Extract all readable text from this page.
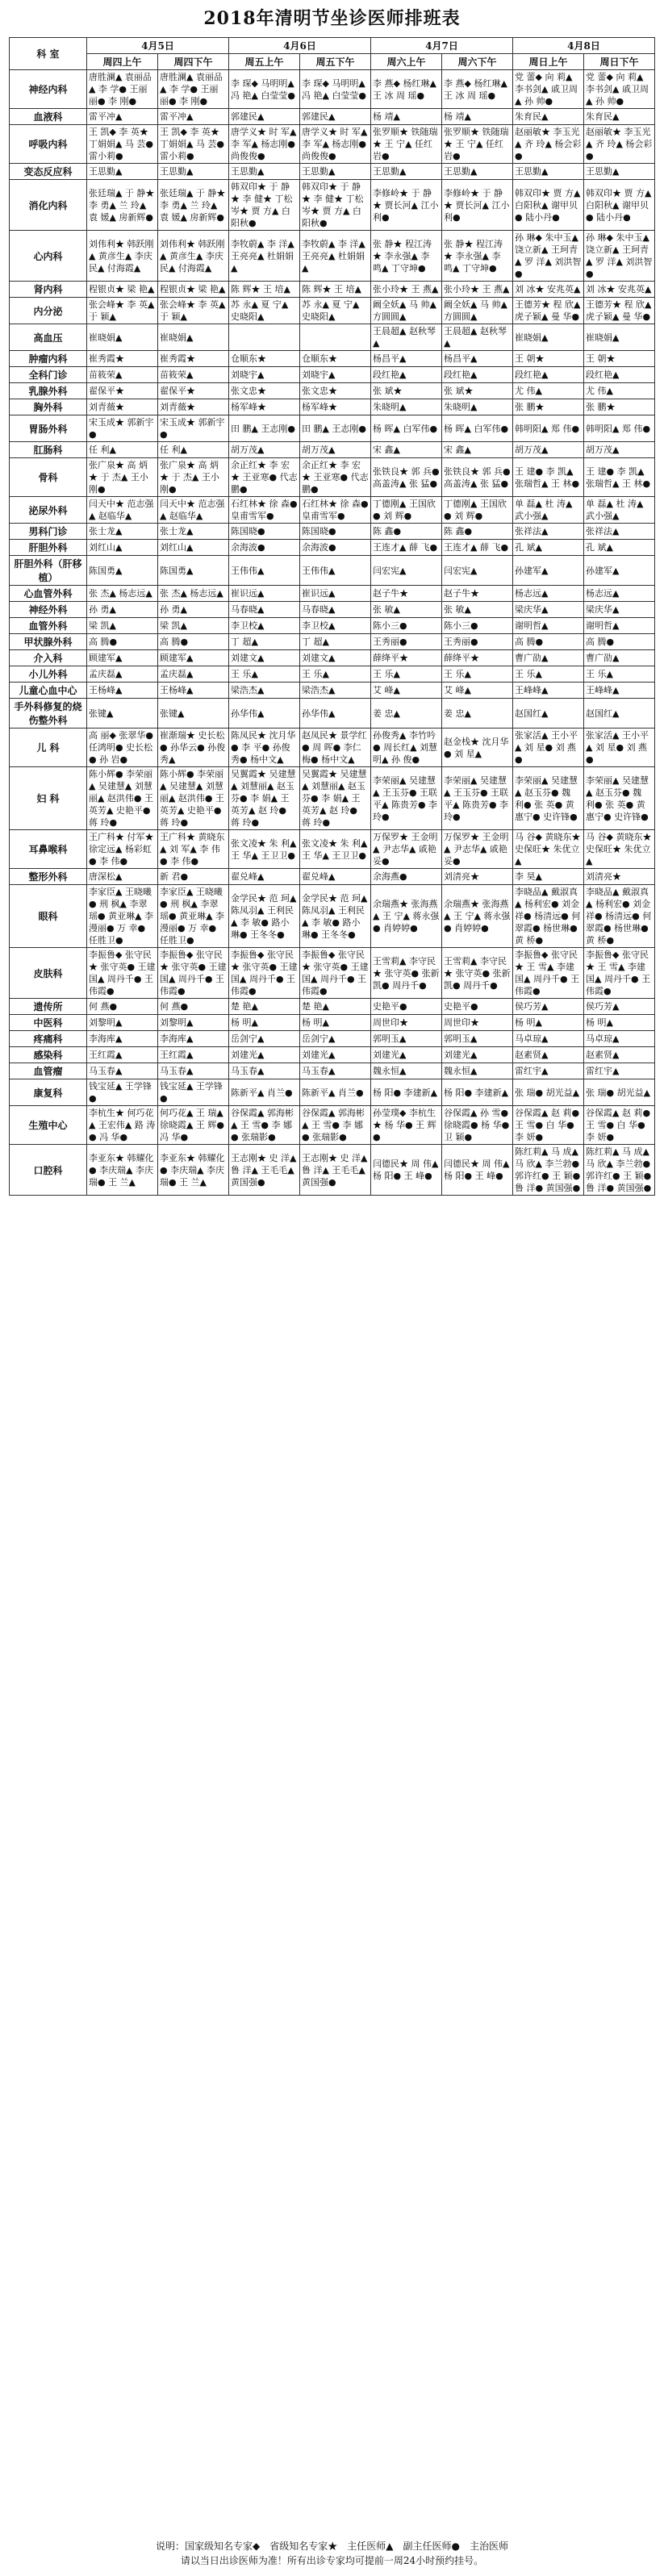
2018年清明节坐诊医师排班表
科 室	4月5日		4月6日		4月7日		4月8日	
	周四上午	周四下午	周五上午	周五下午	周六上午	周六下午	周日上午	周日下午
神经内科	唐胜澜▲ 袁丽品▲ 李 学● 王丽丽● 李 刚●	唐胜澜▲ 袁丽品▲ 李 学● 王丽丽● 李 刚●	李 琛◆ 马明明▲ 冯 艳▲ 白莹莹●	李 琛◆ 马明明▲ 冯 艳▲ 白莹莹●	李 燕◆ 杨红琳▲ 王 冰 周 瑶●	李 燕◆ 杨红琳▲ 王 冰 周 瑶●	党 蕾◆ 向 莉▲ 李书剑▲ 戚卫周▲ 孙 帅●	党 蕾◆ 向 莉▲ 李书剑▲ 戚卫周▲ 孙 帅●
血液科	雷平冲▲	雷平冲▲	郭建民▲	郭建民▲	杨 靖▲	杨 靖▲	朱育民▲	朱育民▲
呼吸内科	王 凯◆ 李 英★ 丁娟娟▲ 马 芸● 雷小莉●	王 凯◆ 李 英★ 丁娟娟▲ 马 芸● 雷小莉●	唐学义★ 时 军▲ 李 军▲ 杨志刚● 尚俊俊●	唐学义★ 时 军▲ 李 军▲ 杨志刚● 尚俊俊●	张罗顺★ 铁随瑞★ 王 宁▲ 任红岩●	张罗顺★ 铁随瑞★ 王 宁▲ 任红岩●	赵丽敏★ 李玉光▲ 齐 玲▲ 杨会彩●	赵丽敏★ 李玉光▲ 齐 玲▲ 杨会彩●
变态反应科	王思勤▲	王思勤▲	王思勤▲	王思勤▲	王思勤▲	王思勤▲	王思勤▲	王思勤▲
消化内科	张廷瑞▲ 于 静★ 李 勇▲ 兰 玲▲ 袁 媛▲ 房新辉●	张廷瑞▲ 于 静★ 李 勇▲ 兰 玲▲ 袁 媛▲ 房新辉●	韩双印★ 于 静★ 李 健★ 丁松岑★ 贾 方▲ 白阳秋●	韩双印★ 于 静★ 李 健★ 丁松岑★ 贾 方▲ 白阳秋●	李修岭★ 于 静★ 贾长河▲ 江小利●	李修岭★ 于 静★ 贾长河▲ 江小利●	韩双印★ 贾 方▲ 白阳秋▲ 谢甲贝● 陆小丹●	韩双印★ 贾 方▲ 白阳秋▲ 谢甲贝● 陆小丹●
心内科	刘伟利★ 韩跃刚▲ 黄彦生▲ 李庆民▲ 付海霞▲	刘伟利★ 韩跃刚▲ 黄彦生▲ 李庆民▲ 付海霞▲	李牧蔚▲ 李 洋▲ 王亮亮▲ 杜娟娟▲	李牧蔚▲ 李 洋▲ 王亮亮▲ 杜娟娟▲	张 静★ 程江涛★ 李永强▲ 李 鸣▲ 丁守坤●	张 静★ 程江涛★ 李永强▲ 李 鸣▲ 丁守坤●	孙 琳◆ 朱中玉▲ 饶立新▲ 王珂青▲ 罗 洋▲ 刘洪智●	孙 琳◆ 朱中玉▲ 饶立新▲ 王珂青▲ 罗 洋▲ 刘洪智●
肾内科	程银贞★ 梁 艳▲	程银贞★ 梁 艳▲	陈 辉★ 王 培▲	陈 辉★ 王 培▲	张小玲★ 王 燕▲	张小玲★ 王 燕▲	刘 冰★ 安兆英▲	刘 冰★ 安兆英▲
内分泌	张会峰★ 李 英▲ 于 颖▲	张会峰★ 李 英▲ 于 颖▲	苏 永▲ 夏 宁▲ 史晓阳▲	苏 永▲ 夏 宁▲ 史晓阳▲	阚全妖▲ 马 帅▲ 方圆圆▲	阚全妖▲ 马 帅▲ 方圆圆▲	王德芳★ 程 欣▲ 虎子颖▲ 曼 华●	王德芳★ 程 欣▲ 虎子颖▲ 曼 华●
高血压	崔晓娟▲	崔晓娟▲			王晨超▲ 赵秋琴▲	王晨超▲ 赵秋琴▲	崔晓娟▲	崔晓娟▲
肿瘤内科	崔秀霞★	崔秀霞★	仓顺东★	仓顺东★	杨昌平▲	杨昌平▲	王 朝★	王 朝★
全科门诊	苗筱荣▲	苗筱荣▲	刘晓宇▲	刘晓宇▲	段红艳▲	段红艳▲	段红艳▲	段红艳▲
乳腺外科	翟保平★	翟保平★	张文忠★	张文忠★	张 斌★	张 斌★	尤 伟▲	尤 伟▲
胸外科	刘青薇★	刘青薇★	杨军峰★	杨军峰★	朱晓明▲	朱晓明▲	张 鹏★	张 鹏★
胃肠外科	宋玉成★ 郭新宇●	宋玉成★ 郭新宇●	田 鹏▲ 王志刚●	田 鹏▲ 王志刚●	杨 晖▲ 白军伟●	杨 晖▲ 白军伟●	韩明阳▲ 郑 伟●	韩明阳▲ 郑 伟●
肛肠科	任 利▲	任 利▲	胡万茂▲	胡万茂▲	宋 鑫▲	宋 鑫▲	胡万茂▲	胡万茂▲
骨科	张广泉★ 高 炳★ 于 杰▲ 王小刚●	张广泉★ 高 炳★ 于 杰▲ 王小刚●	余正红★ 李 宏★ 王亚寒● 代志鹏●	余正红★ 李 宏★ 王亚寒● 代志鹏●	张铁良★ 郭 兵● 高盖涛▲ 张 猛●	张铁良★ 郭 兵● 高盖涛▲ 张 猛●	王 建● 李 凯▲ 张瑞哲▲ 王 林●	王 建● 李 凯▲ 张瑞哲▲ 王 林●
泌尿外科	闫天中★ 范志强▲ 赵临华▲	闫天中★ 范志强▲ 赵临华▲	石红林★ 徐 森● 皇甫雪军●	石红林★ 徐 森● 皇甫雪军●	丁德刚▲ 王国欣● 刘 辉●	丁德刚▲ 王国欣● 刘 辉●	单 磊▲ 杜 涛▲ 武小强▲	单 磊▲ 杜 涛▲ 武小强▲
男科门诊	张士龙▲	张士龙▲	陈国晓●	陈国晓●	陈 鑫●	陈 鑫●	张祥法▲	张祥法▲
肝胆外科	刘红山▲	刘红山▲	余海波●	余海波●	王连才▲ 薛 飞●	王连才▲ 薛 飞●	孔 斌▲	孔 斌▲
肝胆外科（肝移植）	陈国勇▲	陈国勇▲	王伟伟▲	王伟伟▲	闫宏宪▲	闫宏宪▲	孙建军▲	孙建军▲
心血管外科	张 杰▲ 杨志远▲	张 杰▲ 杨志远▲	崔识远▲	崔识远▲	赵子牛★	赵子牛★	杨志远▲	杨志远▲
神经外科	孙 勇▲	孙 勇▲	马春晓▲	马春晓▲	张 敏▲	张 敏▲	梁庆华▲	梁庆华▲
血管外科	梁 凯▲	梁 凯▲	李卫校▲	李卫校▲	陈小三●	陈小三●	谢明哲▲	谢明哲▲
甲状腺外科	高 腾●	高 腾●	丁 超▲	丁 超▲	王秀丽●	王秀丽●	高 腾●	高 腾●
介入科	顾建军▲	顾建军▲	刘建文▲	刘建文▲	薛绛平★	薛绛平★	曹广劭▲	曹广劭▲
小儿外科	孟庆磊▲	孟庆磊▲	王 乐▲	王 乐▲	王 乐▲	王 乐▲	王 乐▲	王 乐▲
儿童心血中心	王杨峰▲	王杨峰▲	梁浩杰▲	梁浩杰▲	艾 峰▲	艾 峰▲	王峰峰▲	王峰峰▲
手外科修复的烧伤整外科	张键▲	张键▲	孙华伟▲	孙华伟▲	姜 忠▲	姜 忠▲	赵国红▲	赵国红▲
儿 科	高 丽◆ 张翠华● 任鸿明● 史长松● 孙 岩●	崔渐瑞★ 史长松● 孙华云● 孙俊秀▲	陈凤民★ 沈月华● 李 平● 孙俊秀● 杨中文▲	赵凤民★ 景学红● 周 晖● 李仁梅● 杨中文▲	孙俊秀▲ 李竹吟● 周长红▲ 刘慧明▲ 孙 俊●	赵金栈★ 沈月华● 刘 星▲	张家活▲ 王小平▲ 刘 星● 刘 燕●	张家活▲ 王小平▲ 刘 星● 刘 燕●
妇 科	陈小辉● 李荣丽▲ 吴建慧▲ 刘慧丽▲ 赵洪伟● 王英芳▲ 史艳平● 蒋 玲●	陈小辉● 李荣丽▲ 吴建慧▲ 刘慧丽▲ 赵洪伟● 王英芳▲ 史艳平● 蒋 玲●	吴翼霞★ 吴建慧▲ 刘慧丽▲ 赵玉芬● 李 娟▲ 王英芳▲ 赵 玲● 蒋 玲●	吴翼霞★ 吴建慧▲ 刘慧丽▲ 赵玉芬● 李 娟▲ 王英芳▲ 赵 玲● 蒋 玲●	李荣丽▲ 吴建慧▲ 王玉芬● 王联平▲ 陈贵芳● 李 玲●	李荣丽▲ 吴建慧▲ 王玉芬● 王联平▲ 陈贵芳● 李 玲●	李荣丽▲ 吴建慧▲ 赵玉芬● 魏 利● 张 英● 黄惠宁● 史许锋●	李荣丽▲ 吴建慧▲ 赵玉芬● 魏 利● 张 英● 黄惠宁● 史许锋●
耳鼻喉科	王广科★ 付军★ 徐定远▲ 杨彩虹● 李 伟●	王广科★ 黄晓东▲ 刘 军▲ 李 伟● 李 伟●	张文凌★ 朱 利▲ 王 华▲ 王卫卫●	张文凌★ 朱 利▲ 王 华▲ 王卫卫●	万保罗★ 王金明▲ 尹志华▲ 戚艳妥●	万保罗★ 王金明▲ 尹志华▲ 戚艳妥●	马 谷◆ 黄晓东★ 史保旺★ 朱优立▲	马 谷◆ 黄晓东★ 史保旺★ 朱优立▲
整形外科	唐深松▲	新 君●	翟兑峰▲	翟兑峰▲	余海燕●	刘清亮★	李 昊▲	刘清亮★
眼科	李家臣▲ 王晓曦● 刑 枫▲ 李翠瑶● 黄亚琳▲ 李漫丽● 万 幸● 任胜卫●	李家臣▲ 王晓曦● 刑 枫▲ 李翠瑶● 黄亚琳▲ 李漫丽● 万 幸● 任胜卫●	金学民★ 范 珂▲ 陈凤羽▲ 王利民▲ 李 敏● 路小琳● 王冬冬●	金学民★ 范 珂▲ 陈凤羽▲ 王利民▲ 李 敏● 路小琳● 王冬冬●	余瑞燕★ 张海燕▲ 王 宁▲ 蒋永强● 肖婷婷●	余瑞燕★ 张海燕▲ 王 宁▲ 蒋永强● 肖婷婷●	李晓品▲ 戴淑真▲ 杨利宏● 刘金祥● 杨清远● 何翠霞● 杨世琳● 黄 桥●	李晓品▲ 戴淑真▲ 杨利宏● 刘金祥● 杨清远● 何翠霞● 杨世琳● 黄 桥●
皮肤科	李振鲁◆ 张守民★ 张守英● 王建国▲ 周丹千● 王伟霞●	李振鲁◆ 张守民★ 张守英● 王建国▲ 周丹千● 王伟霞●	李振鲁◆ 张守民★ 张守英● 王建国▲ 周丹千● 王伟霞●	李振鲁◆ 张守民★ 张守英● 王建国▲ 周丹千● 王伟霞●	王雪莉▲ 李守民★ 张守英● 张新凯● 周丹千●	王雪莉▲ 李守民★ 张守英● 张新凯● 周丹千●	李振鲁◆ 张守民★ 王 雪▲ 李建国▲ 周丹千● 王伟霞●	李振鲁◆ 张守民★ 王 雪▲ 李建国▲ 周丹千● 王伟霞●
遗传所	何 燕●	何 燕●	楚 艳▲	楚 艳▲	史艳平●	史艳平●	侯巧芳▲	侯巧芳▲
中医科	刘黎明▲	刘黎明▲	杨 明▲	杨 明▲	周世印★	周世印★	杨 明▲	杨 明▲
疼痛科	李海库▲	李海库▲	岳剑宁▲	岳剑宁▲	郭明玉▲	郭明玉▲	马卓琼▲	马卓琼▲
感染科	王红霞▲	王红霞▲	刘建光▲	刘建光▲	刘建光▲	刘建光▲	赵素贤▲	赵素贤▲
血管瘤	马玉春▲	马玉春▲	马玉春▲	马玉春▲	魏永恒▲	魏永恒▲	雷红宇▲	雷红宇▲
康复科	钱宝延▲ 王学锋●	钱宝延▲ 王学锋●	陈新平▲ 肖兰●	陈新平▲ 肖兰●	杨 阳● 李建新▲	杨 阳● 李建新▲	张 瑞● 胡光益▲	张 瑞● 胡光益▲
生殖中心	李杭生★ 何巧花▲ 王宏伟▲ 路 涛● 冯 华●	何巧花▲ 王 瑞▲ 徐晓霞▲ 王 辉● 冯 华●	谷保霞▲ 郭海彬▲ 王 雪● 李 娜● 张瑞影●	谷保霞▲ 郭海彬▲ 王 雪● 李 娜● 张瑞影●	孙莹璞◆ 李杭生★ 杨 华● 王 辉●	谷保霞▲ 孙 雪● 徐晓霞● 杨 华● 卫 颖●	谷保霞▲ 赵 莉● 王 雪● 白 华● 李 妍●	谷保霞▲ 赵 莉● 王 雪● 白 华● 李 妍●
口腔科	李亚东★ 韩耀化● 李庆瑞▲ 李庆瑞● 王 兰▲	李亚东★ 韩耀化● 李庆瑞▲ 李庆瑞● 王 兰▲	王志刚★ 史 洋▲ 鲁 洋▲ 王毛毛▲ 黄国强●	王志刚★ 史 洋▲ 鲁 洋▲ 王毛毛▲ 黄国强●	闫德民★ 周 伟▲ 杨 阳● 王 峰●	闫德民★ 周 伟▲ 杨 阳● 王 峰●	陈红莉▲ 马 成▲ 马 欣▲ 李兰勃● 郭许红● 王 颖● 鲁 洋● 黄国强●	陈红莉▲ 马 成▲ 马 欣▲ 李兰勃● 郭许红● 王 颖● 鲁 洋● 黄国强●
说明：国家级知名专家◆　省级知名专家★　主任医师▲　副主任医师●　主治医师
请以当日出诊医师为准！所有出诊专家均可提前一周24小时预约挂号。
